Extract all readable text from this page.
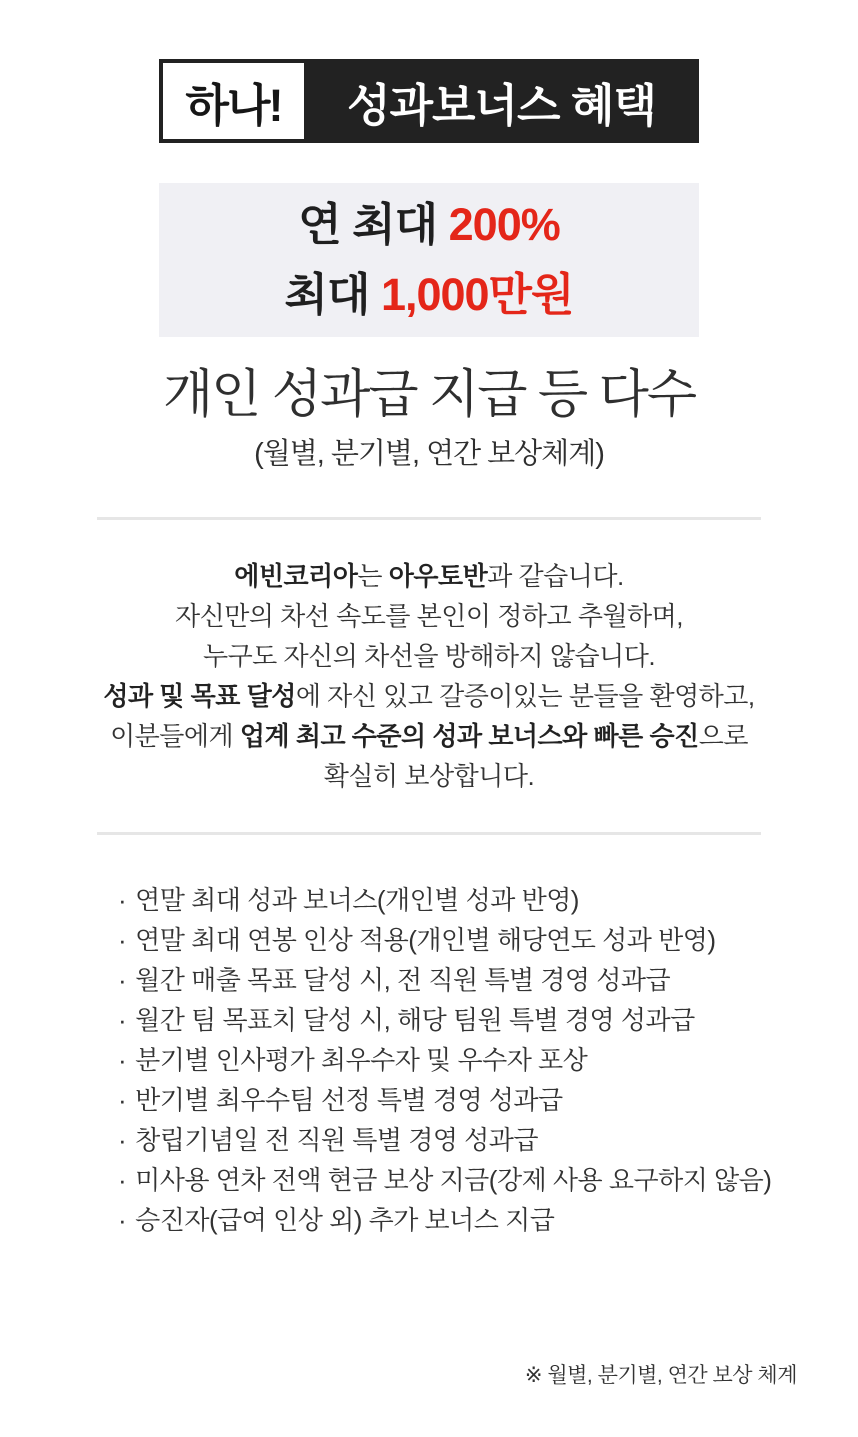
하나!	성과보너스 혜택
연 최대 200%
최대 1,000만원
개인 성과급 지급 등 다수
(월별, 분기별, 연간 보상체계)
에빈코리아는 아우토반과 같습니다.
자신만의 차선 속도를 본인이 정하고 추월하며,
누구도 자신의 차선을 방해하지 않습니다.
성과 및 목표 달성에 자신 있고 갈증이있는 분들을 환영하고,
이분들에게 업계 최고 수준의 성과 보너스와 빠른 승진으로
확실히 보상합니다.
· 연말 최대 성과 보너스(개인별 성과 반영)
· 연말 최대 연봉 인상 적용(개인별 해당연도 성과 반영)
· 월간 매출 목표 달성 시, 전 직원 특별 경영 성과급
· 월간 팀 목표치 달성 시, 해당 팀원 특별 경영 성과급
· 분기별 인사평가 최우수자 및 우수자 포상
· 반기별 최우수팀 선정 특별 경영 성과급
· 창립기념일 전 직원 특별 경영 성과급
· 미사용 연차 전액 현금 보상 지금(강제 사용 요구하지 않음)
· 승진자(급여 인상 외) 추가 보너스 지급
※ 월별, 분기별, 연간 보상 체계
